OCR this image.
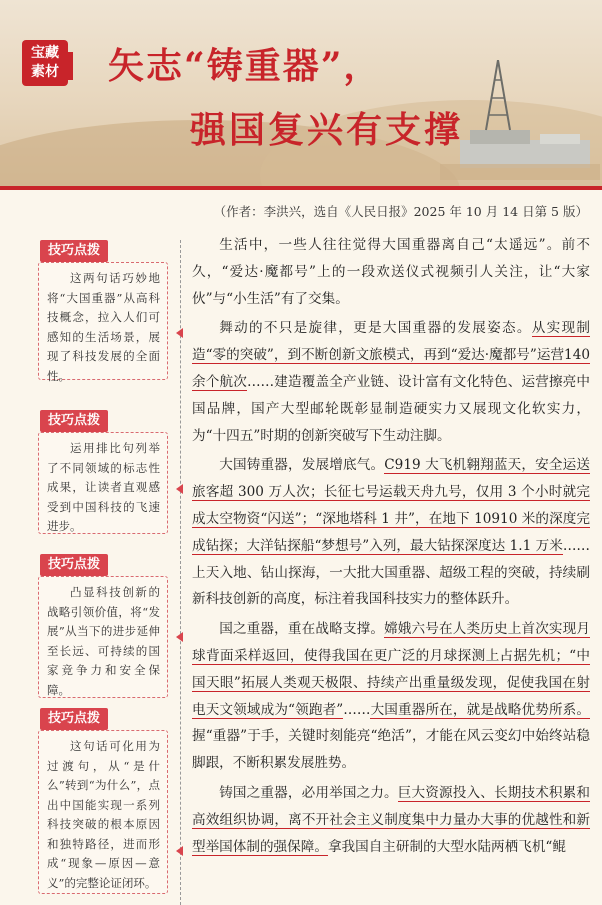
宝藏
素材 矢志“铸重器”，
强国复兴有支撑
（作者：李洪兴，选自《人民日报》2025 年 10 月 14 日第 5 版）
技巧点拨
这两句话巧妙地将“大国重器”从高科技概念，拉入人们可感知的生活场景，展现了科技发展的全面性。
技巧点拨
运用排比句列举了不同领域的标志性成果，让读者直观感受到中国科技的飞速进步。
技巧点拨
凸显科技创新的战略引领价值，将“发展”从当下的进步延伸至长远、可持续的国家竞争力和安全保障。
技巧点拨
这句话可化用为过渡句，从“是什么”转到“为什么”，点出中国能实现一系列科技突破的根本原因和独特路径，进而形成“现象—原因—意义”的完整论证闭环。

生活中，一些人往往觉得大国重器离自己“太遥远”。前不久，“爱达·魔都号”上的一段欢送仪式视频引人关注，让“大家伙”与“小生活”有了交集。

舞动的不只是旋律，更是大国重器的发展姿态。从实现制造“零的突破”，到不断创新文旅模式，再到“爱达·魔都号”运营140 余个航次……建造覆盖全产业链、设计富有文化特色、运营擦亮中国品牌，国产大型邮轮既彰显制造硬实力又展现文化软实力，为“十四五”时期的创新突破写下生动注脚。

大国铸重器，发展增底气。C919 大飞机翱翔蓝天，安全运送旅客超 300 万人次；长征七号运载天舟九号，仅用 3 个小时就完成太空物资“闪送”；“深地塔科 1 井”，在地下 10910 米的深度完成钻探；大洋钻探船“梦想号”入列，最大钻探深度达 1.1 万米……上天入地、钻山探海，一大批大国重器、超级工程的突破，持续刷新科技创新的高度，标注着我国科技实力的整体跃升。

国之重器，重在战略支撑。嫦娥六号在人类历史上首次实现月球背面采样返回，使得我国在更广泛的月球探测上占据先机；“中国天眼”拓展人类观天极限、持续产出重量级发现，促使我国在射电天文领域成为“领跑者”……大国重器所在，就是战略优势所系。握“重器”于手，关键时刻能亮“绝活”，才能在风云变幻中始终站稳脚跟，不断积累发展胜势。

铸国之重器，必用举国之力。巨大资源投入、长期技术积累和高效组织协调，离不开社会主义制度集中力量办大事的优越性和新型举国体制的强保障。拿我国自主研制的大型水陆两栖飞机“鲲
